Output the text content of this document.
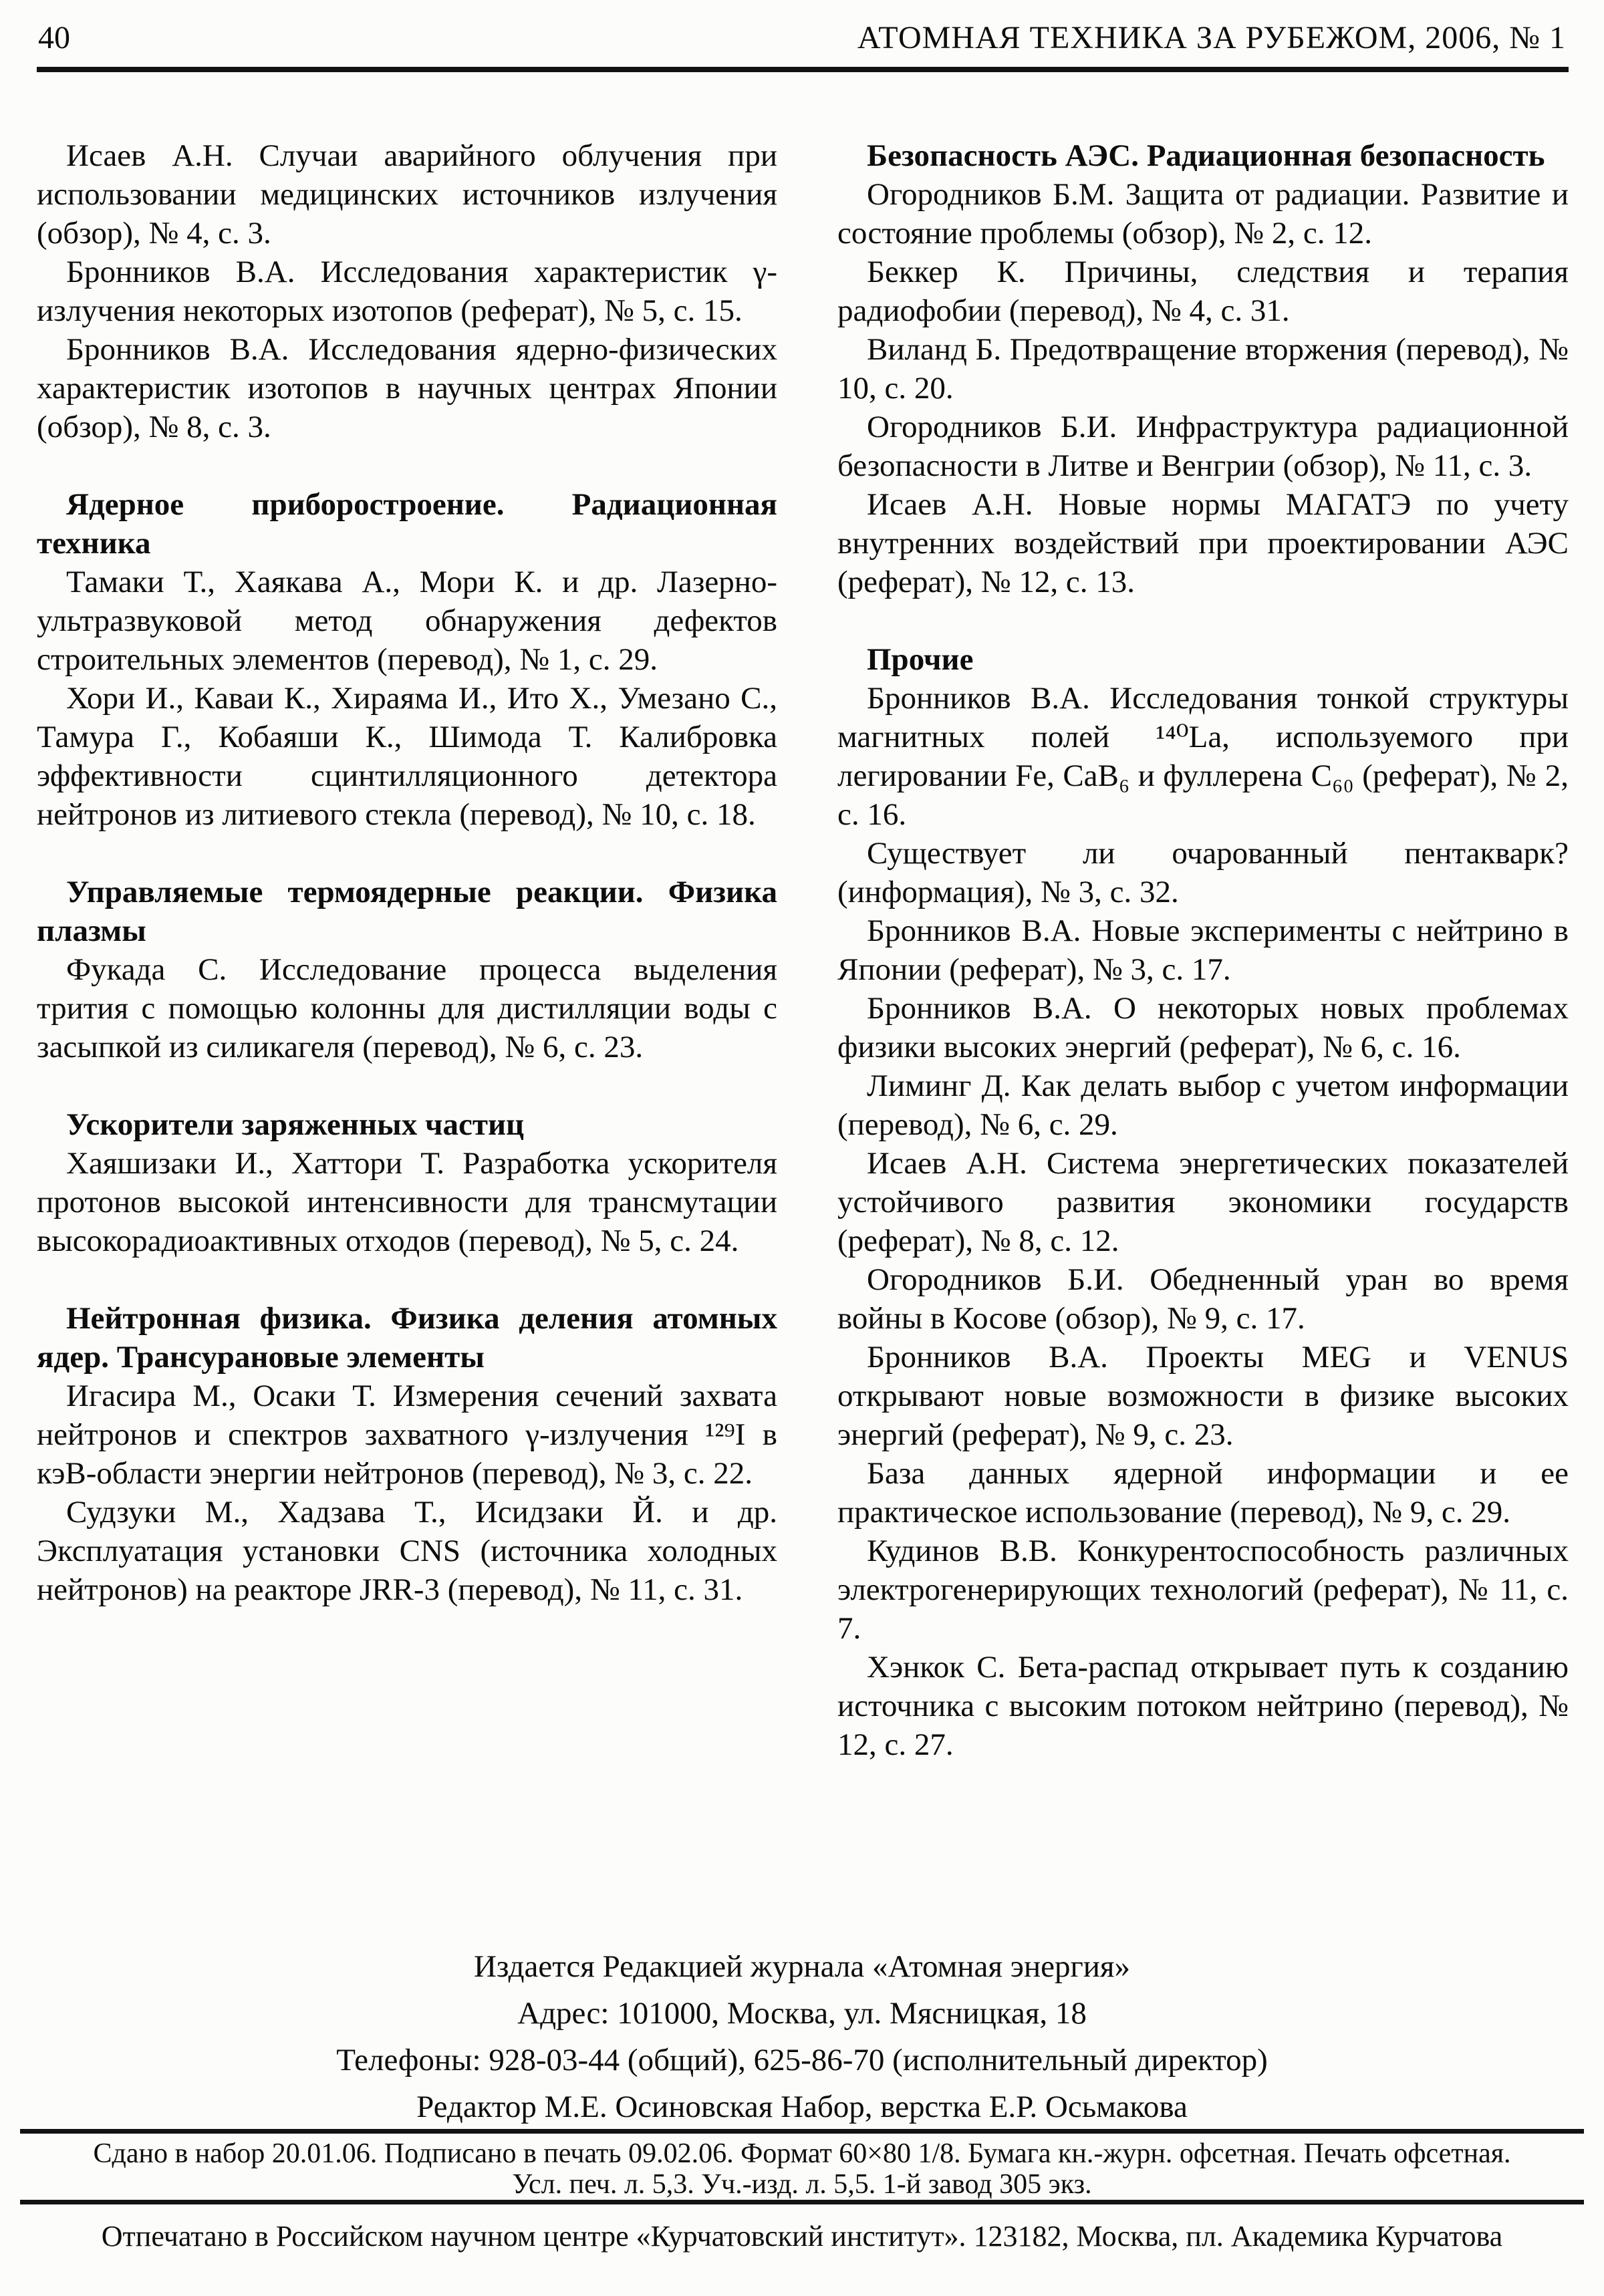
40	АТОМНАЯ ТЕХНИКА ЗА РУБЕЖОМ, 2006, № 1

Исаев А.Н. Случаи аварийного облучения при использовании медицинских источников излучения (обзор), № 4, с. 3.

Бронников В.А. Исследования характеристик γ-излучения некоторых изотопов (реферат), № 5, с. 15.

Бронников В.А. Исследования ядерно-физических характеристик изотопов в научных центрах Японии (обзор), № 8, с. 3.

Ядерное приборостроение. Радиационная техника

Тамаки Т., Хаякава А., Мори К. и др. Лазерно-ультразвуковой метод обнаружения дефектов строительных элементов (перевод), № 1, с. 29.

Хори И., Каваи К., Хираяма И., Ито Х., Умезано С., Тамура Г., Кобаяши К., Шимода Т. Калибровка эффективности сцинтилляционного детектора нейтронов из литиевого стекла (перевод), № 10, с. 18.

Управляемые термоядерные реакции. Физика плазмы

Фукада С. Исследование процесса выделения трития с помощью колонны для дистилляции воды с засыпкой из силикагеля (перевод), № 6, с. 23.

Ускорители заряженных частиц

Хаяшизаки И., Хаттори Т. Разработка ускорителя протонов высокой интенсивности для трансмутации высокорадиоактивных отходов (перевод), № 5, с. 24.

Нейтронная физика. Физика деления атомных ядер. Трансурановые элементы

Игасира М., Осаки Т. Измерения сечений захвата нейтронов и спектров захватного γ-излучения ¹²⁹I в кэВ-области энергии нейтронов (перевод), № 3, с. 22.

Судзуки М., Хадзава Т., Исидзаки Й. и др. Эксплуатация установки CNS (источника холодных нейтронов) на реакторе JRR-3 (перевод), № 11, с. 31.

Безопасность АЭС. Радиационная безопасность

Огородников Б.М. Защита от радиации. Развитие и состояние проблемы (обзор), № 2, с. 12.

Беккер К. Причины, следствия и терапия радиофобии (перевод), № 4, с. 31.

Виланд Б. Предотвращение вторжения (перевод), № 10, с. 20.

Огородников Б.И. Инфраструктура радиационной безопасности в Литве и Венгрии (обзор), № 11, с. 3.

Исаев А.Н. Новые нормы МАГАТЭ по учету внутренних воздействий при проектировании АЭС (реферат), № 12, с. 13.

Прочие

Бронников В.А. Исследования тонкой структуры магнитных полей ¹⁴⁰La, используемого при легировании Fe, CaB₆ и фуллерена C₆₀ (реферат), № 2, с. 16.

Существует ли очарованный пентакварк? (информация), № 3, с. 32.

Бронников В.А. Новые эксперименты с нейтрино в Японии (реферат), № 3, с. 17.

Бронников В.А. О некоторых новых проблемах физики высоких энергий (реферат), № 6, с. 16.

Лиминг Д. Как делать выбор с учетом информации (перевод), № 6, с. 29.

Исаев А.Н. Система энергетических показателей устойчивого развития экономики государств (реферат), № 8, с. 12.

Огородников Б.И. Обедненный уран во время войны в Косове (обзор), № 9, с. 17.

Бронников В.А. Проекты MEG и VENUS открывают новые возможности в физике высоких энергий (реферат), № 9, с. 23.

База данных ядерной информации и ее практическое использование (перевод), № 9, с. 29.

Кудинов В.В. Конкурентоспособность различных электрогенерирующих технологий (реферат), № 11, с. 7.

Хэнкок С. Бета-распад открывает путь к созданию источника с высоким потоком нейтрино (перевод), № 12, с. 27.

Издается Редакцией журнала «Атомная энергия»
Адрес: 101000, Москва, ул. Мясницкая, 18
Телефоны: 928-03-44 (общий), 625-86-70 (исполнительный директор)
Редактор М.Е. Осиновская Набор, верстка Е.Р. Осьмакова
Сдано в набор 20.01.06. Подписано в печать 09.02.06. Формат 60×80 1/8. Бумага кн.-журн. офсетная. Печать офсетная.
Усл. печ. л. 5,3. Уч.-изд. л. 5,5. 1-й завод 305 экз.
Отпечатано в Российском научном центре «Курчатовский институт». 123182, Москва, пл. Академика Курчатова
